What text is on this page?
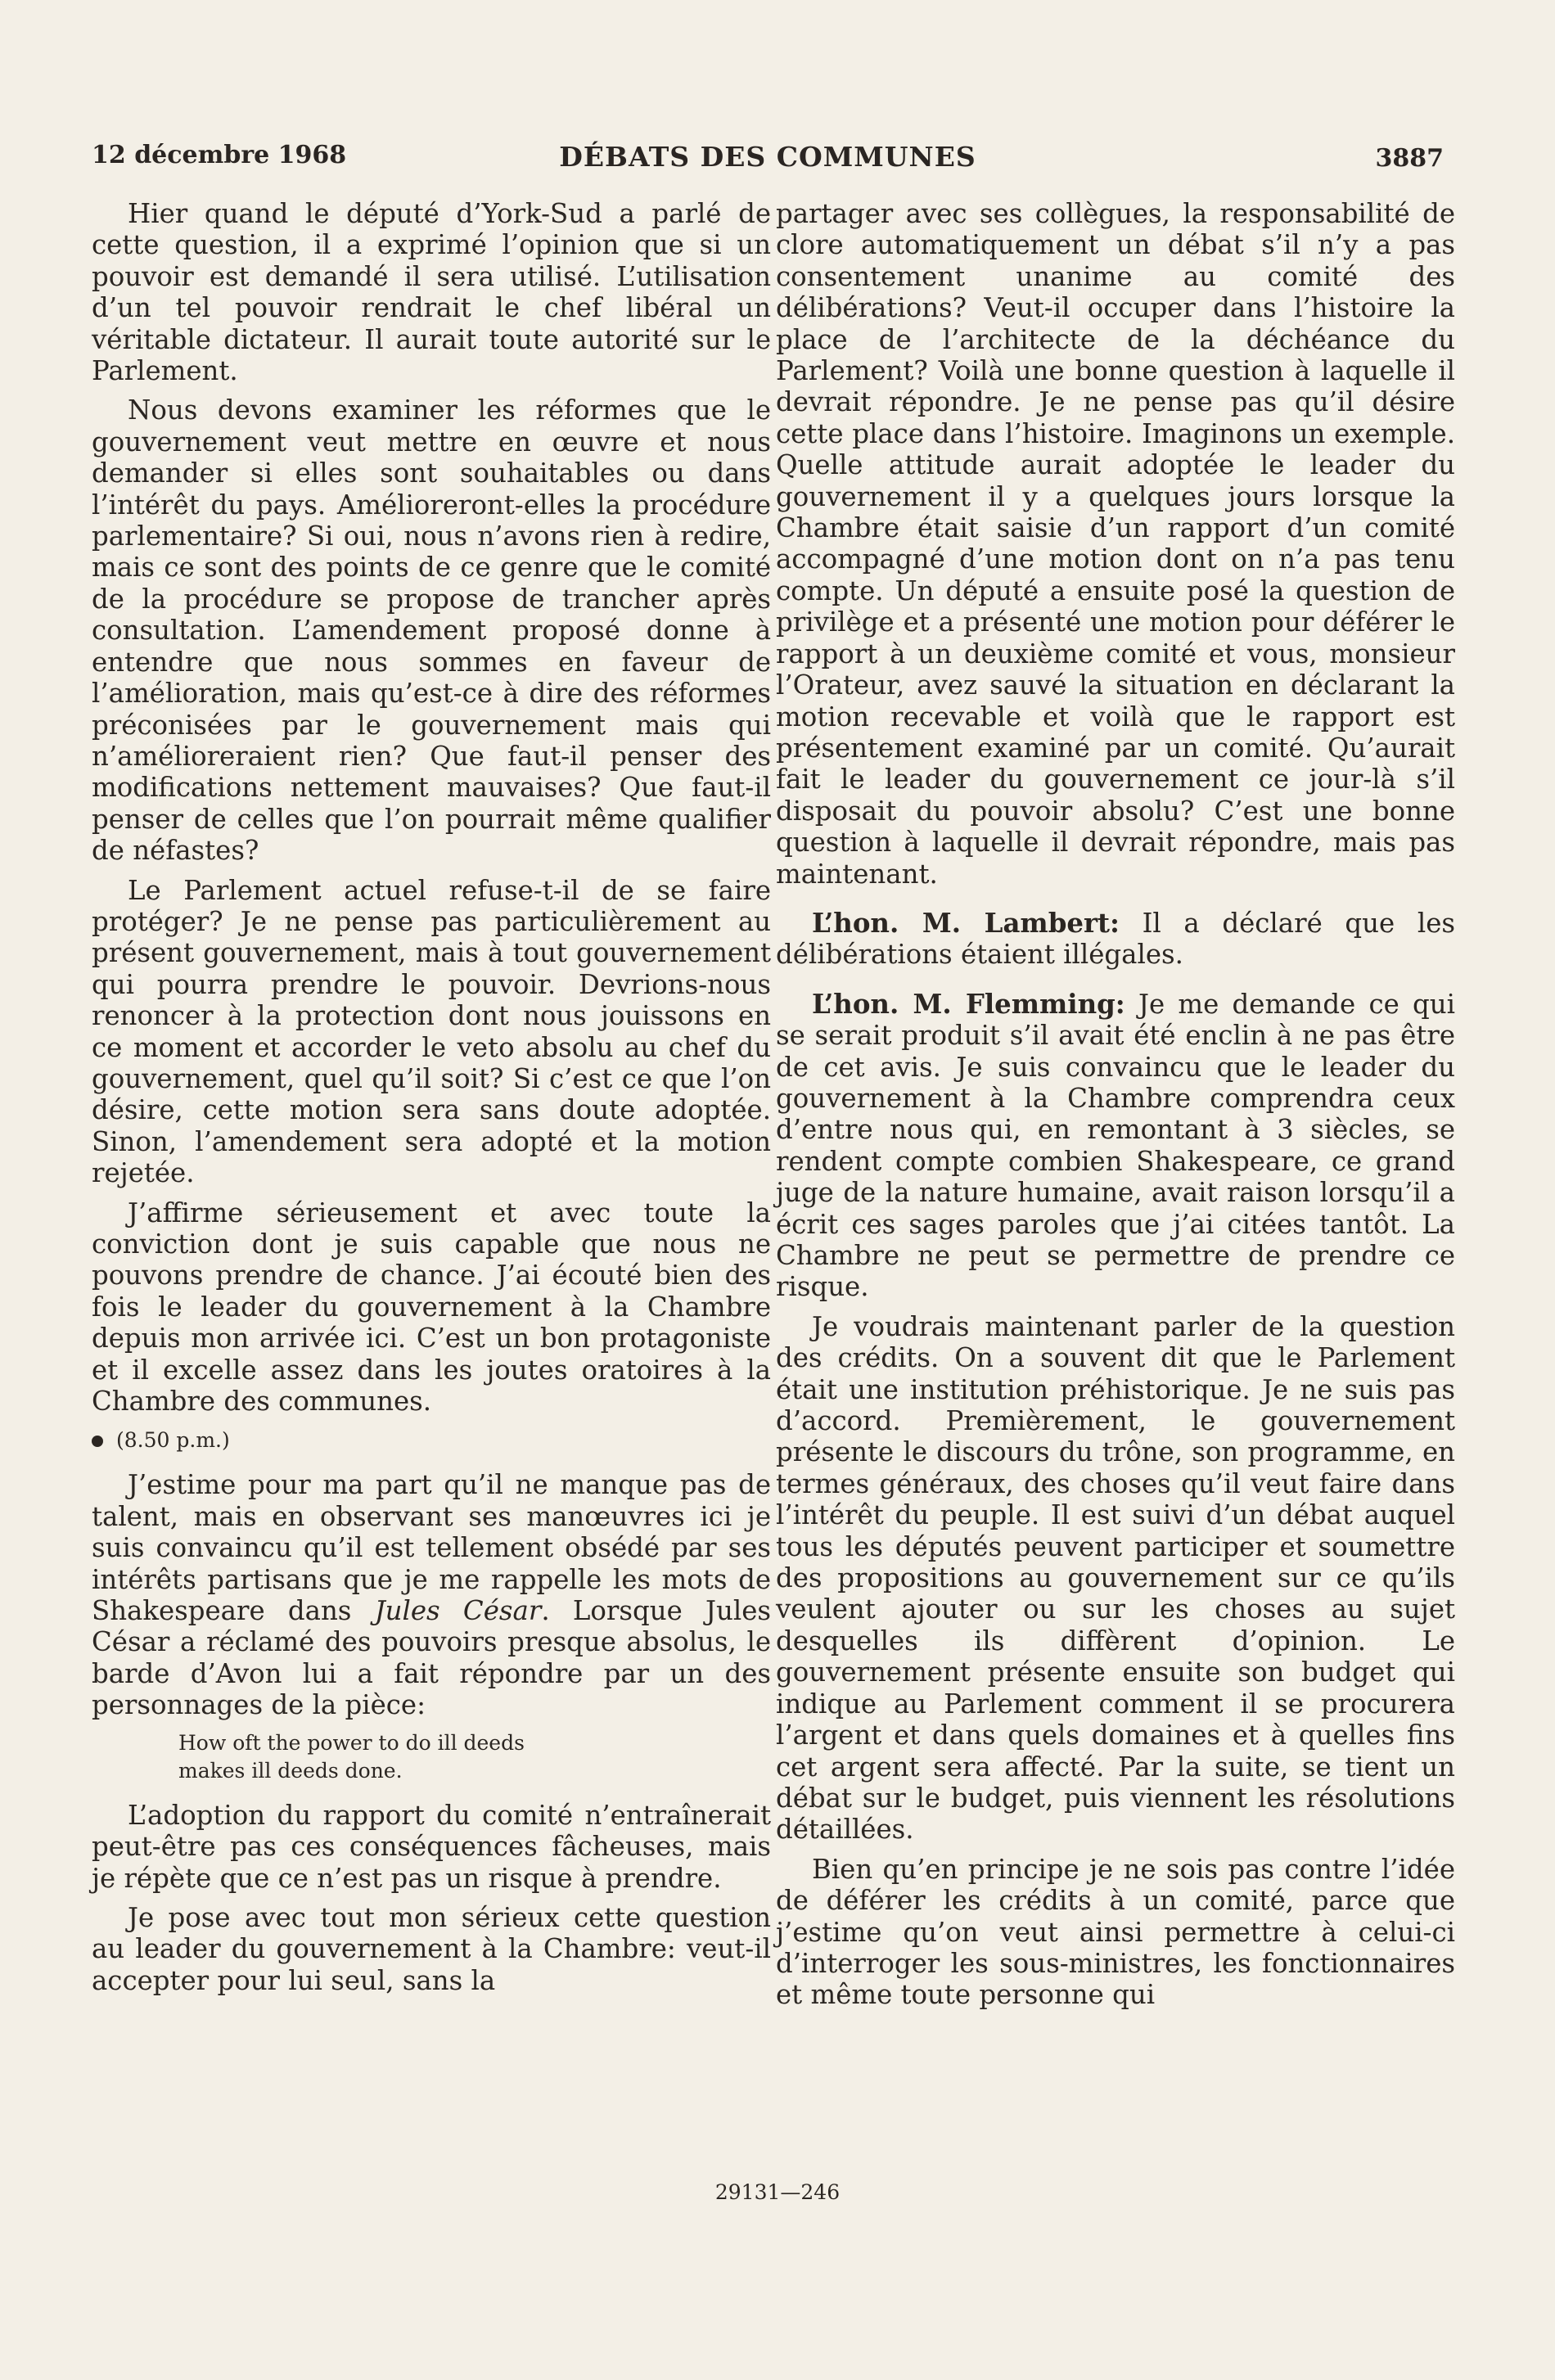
12 décembre 1968	DÉBATS DES COMMUNES	3887

Hier quand le député d’York-Sud a parlé de cette question, il a exprimé l’opinion que si un pouvoir est demandé il sera utilisé. L’utilisation d’un tel pouvoir rendrait le chef libéral un véritable dictateur. Il aurait toute autorité sur le Parlement.

Nous devons examiner les réformes que le gouvernement veut mettre en œuvre et nous demander si elles sont souhaitables ou dans l’intérêt du pays. Amélioreront-elles la procédure parlementaire? Si oui, nous n’avons rien à redire, mais ce sont des points de ce genre que le comité de la procédure se propose de trancher après consultation. L’amendement proposé donne à entendre que nous sommes en faveur de l’amélioration, mais qu’est-ce à dire des réformes préconisées par le gouvernement mais qui n’amélioreraient rien? Que faut-il penser des modifications nettement mauvaises? Que faut-il penser de celles que l’on pourrait même qualifier de néfastes?

Le Parlement actuel refuse-t-il de se faire protéger? Je ne pense pas particulièrement au présent gouvernement, mais à tout gouvernement qui pourra prendre le pouvoir. Devrions-nous renoncer à la protection dont nous jouissons en ce moment et accorder le veto absolu au chef du gouvernement, quel qu’il soit? Si c’est ce que l’on désire, cette motion sera sans doute adoptée. Sinon, l’amendement sera adopté et la motion rejetée.

J’affirme sérieusement et avec toute la conviction dont je suis capable que nous ne pouvons prendre de chance. J’ai écouté bien des fois le leader du gouvernement à la Chambre depuis mon arrivée ici. C’est un bon protagoniste et il excelle assez dans les joutes oratoires à la Chambre des communes.

(8.50 p.m.)

J’estime pour ma part qu’il ne manque pas de talent, mais en observant ses manœuvres ici je suis convaincu qu’il est tellement obsédé par ses intérêts partisans que je me rappelle les mots de Shakespeare dans Jules César. Lorsque Jules César a réclamé des pouvoirs presque absolus, le barde d’Avon lui a fait répondre par un des personnages de la pièce:

How oft the power to do ill deeds
makes ill deeds done.

L’adoption du rapport du comité n’entraînerait peut-être pas ces conséquences fâcheuses, mais je répète que ce n’est pas un risque à prendre.

Je pose avec tout mon sérieux cette question au leader du gouvernement à la Chambre: veut-il accepter pour lui seul, sans la

partager avec ses collègues, la responsabilité de clore automatiquement un débat s’il n’y a pas consentement unanime au comité des délibérations? Veut-il occuper dans l’histoire la place de l’architecte de la déchéance du Parlement? Voilà une bonne question à laquelle il devrait répondre. Je ne pense pas qu’il désire cette place dans l’histoire. Imaginons un exemple. Quelle attitude aurait adoptée le leader du gouvernement il y a quelques jours lorsque la Chambre était saisie d’un rapport d’un comité accompagné d’une motion dont on n’a pas tenu compte. Un député a ensuite posé la question de privilège et a présenté une motion pour déférer le rapport à un deuxième comité et vous, monsieur l’Orateur, avez sauvé la situation en déclarant la motion recevable et voilà que le rapport est présentement examiné par un comité. Qu’aurait fait le leader du gouvernement ce jour-là s’il disposait du pouvoir absolu? C’est une bonne question à laquelle il devrait répondre, mais pas maintenant.

L’hon. M. Lambert: Il a déclaré que les délibérations étaient illégales.

L’hon. M. Flemming: Je me demande ce qui se serait produit s’il avait été enclin à ne pas être de cet avis. Je suis convaincu que le leader du gouvernement à la Chambre comprendra ceux d’entre nous qui, en remontant à 3 siècles, se rendent compte combien Shakespeare, ce grand juge de la nature humaine, avait raison lorsqu’il a écrit ces sages paroles que j’ai citées tantôt. La Chambre ne peut se permettre de prendre ce risque.

Je voudrais maintenant parler de la question des crédits. On a souvent dit que le Parlement était une institution préhistorique. Je ne suis pas d’accord. Premièrement, le gouvernement présente le discours du trône, son programme, en termes généraux, des choses qu’il veut faire dans l’intérêt du peuple. Il est suivi d’un débat auquel tous les députés peuvent participer et soumettre des propositions au gouvernement sur ce qu’ils veulent ajouter ou sur les choses au sujet desquelles ils diffèrent d’opinion. Le gouvernement présente ensuite son budget qui indique au Parlement comment il se procurera l’argent et dans quels domaines et à quelles fins cet argent sera affecté. Par la suite, se tient un débat sur le budget, puis viennent les résolutions détaillées.

Bien qu’en principe je ne sois pas contre l’idée de déférer les crédits à un comité, parce que j’estime qu’on veut ainsi permettre à celui-ci d’interroger les sous-ministres, les fonctionnaires et même toute personne qui

29131—246
